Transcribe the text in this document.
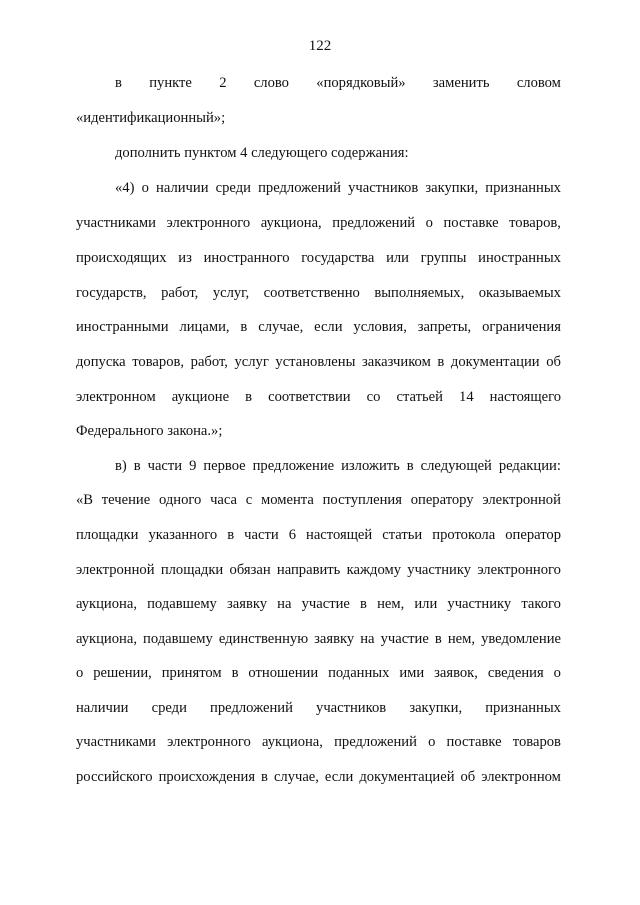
122
в пункте 2 слово «порядковый» заменить словом
«идентификационный»;
дополнить пунктом 4 следующего содержания:
«4) о наличии среди предложений участников закупки, признанных
участниками электронного аукциона, предложений о поставке товаров,
происходящих из иностранного государства или группы иностранных
государств, работ, услуг, соответственно выполняемых, оказываемых
иностранными лицами, в случае, если условия, запреты, ограничения
допуска товаров, работ, услуг установлены заказчиком в документации об
электронном аукционе в соответствии со статьей 14 настоящего
Федерального закона.»;
в) в части 9 первое предложение изложить в следующей редакции:
«В течение одного часа с момента поступления оператору электронной
площадки указанного в части 6 настоящей статьи протокола оператор
электронной площадки обязан направить каждому участнику электронного
аукциона, подавшему заявку на участие в нем, или участнику такого
аукциона, подавшему единственную заявку на участие в нем, уведомление
о решении, принятом в отношении поданных ими заявок, сведения о
наличии среди предложений участников закупки, признанных
участниками электронного аукциона, предложений о поставке товаров
российского происхождения в случае, если документацией об электронном
